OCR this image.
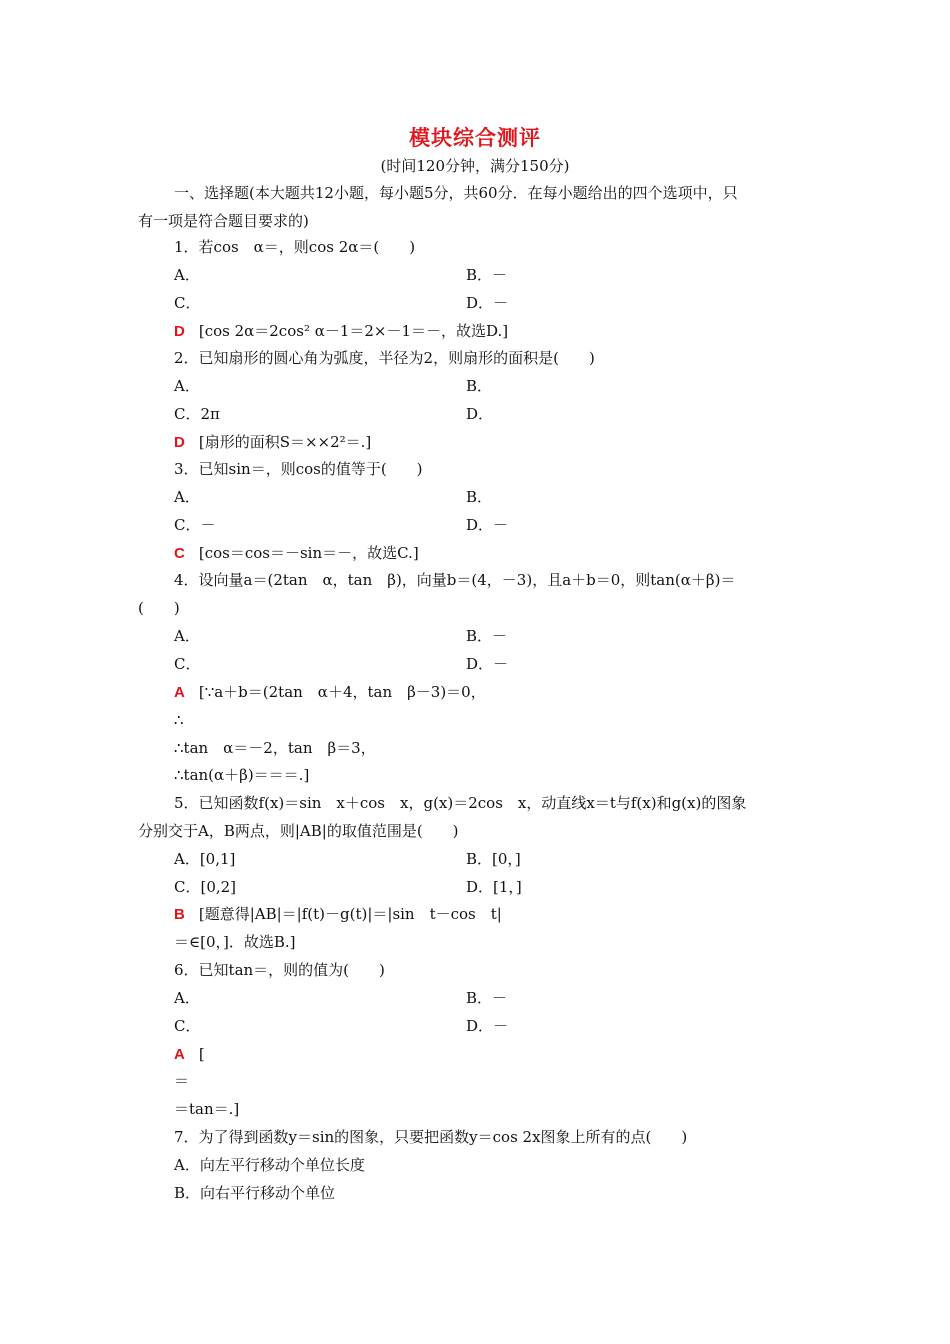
模块综合测评
(时间120分钟，满分150分)
一、选择题(本大题共12小题，每小题5分，共60分．在每小题给出的四个选项中，只
有一项是符合题目要求的)
1．若cos　α＝，则cos 2α＝(　　)
A．	B．－
C．	D．－
D [cos 2α＝2cos² α－1＝2×－1＝－，故选D.]
2．已知扇形的圆心角为弧度，半径为2，则扇形的面积是(　　)
A．	B．
C．2π	D．
D [扇形的面积S＝××2²＝.]
3．已知sin＝，则cos的值等于(　　)
A．	B．
C．－	D．－
C [cos＝cos＝－sin＝－，故选C.]
4．设向量a＝(2tan　α，tan　β)，向量b＝(4，－3)，且a＋b＝0，则tan(α＋β)＝
(　　)
A．	B．－
C．	D．－
A [∵a＋b＝(2tan　α＋4，tan　β－3)＝0，
∴
∴tan　α＝－2，tan　β＝3，
∴tan(α＋β)＝＝＝.]
5．已知函数f(x)＝sin　x＋cos　x，g(x)＝2cos　x，动直线x＝t与f(x)和g(x)的图象
分别交于A，B两点，则|AB|的取值范围是(　　)
A．[0,1]	B．[0，]
C．[0,2]	D．[1，]
B [题意得|AB|＝|f(t)－g(t)|＝|sin　t－cos　t|
＝∈[0，]．故选B.]
6．已知tan＝，则的值为(　　)
A．	B．－
C．	D．－
A [
＝
＝tan＝.]
7．为了得到函数y＝sin的图象，只要把函数y＝cos 2x图象上所有的点(　　)
A．向左平行移动个单位长度
B．向右平行移动个单位
